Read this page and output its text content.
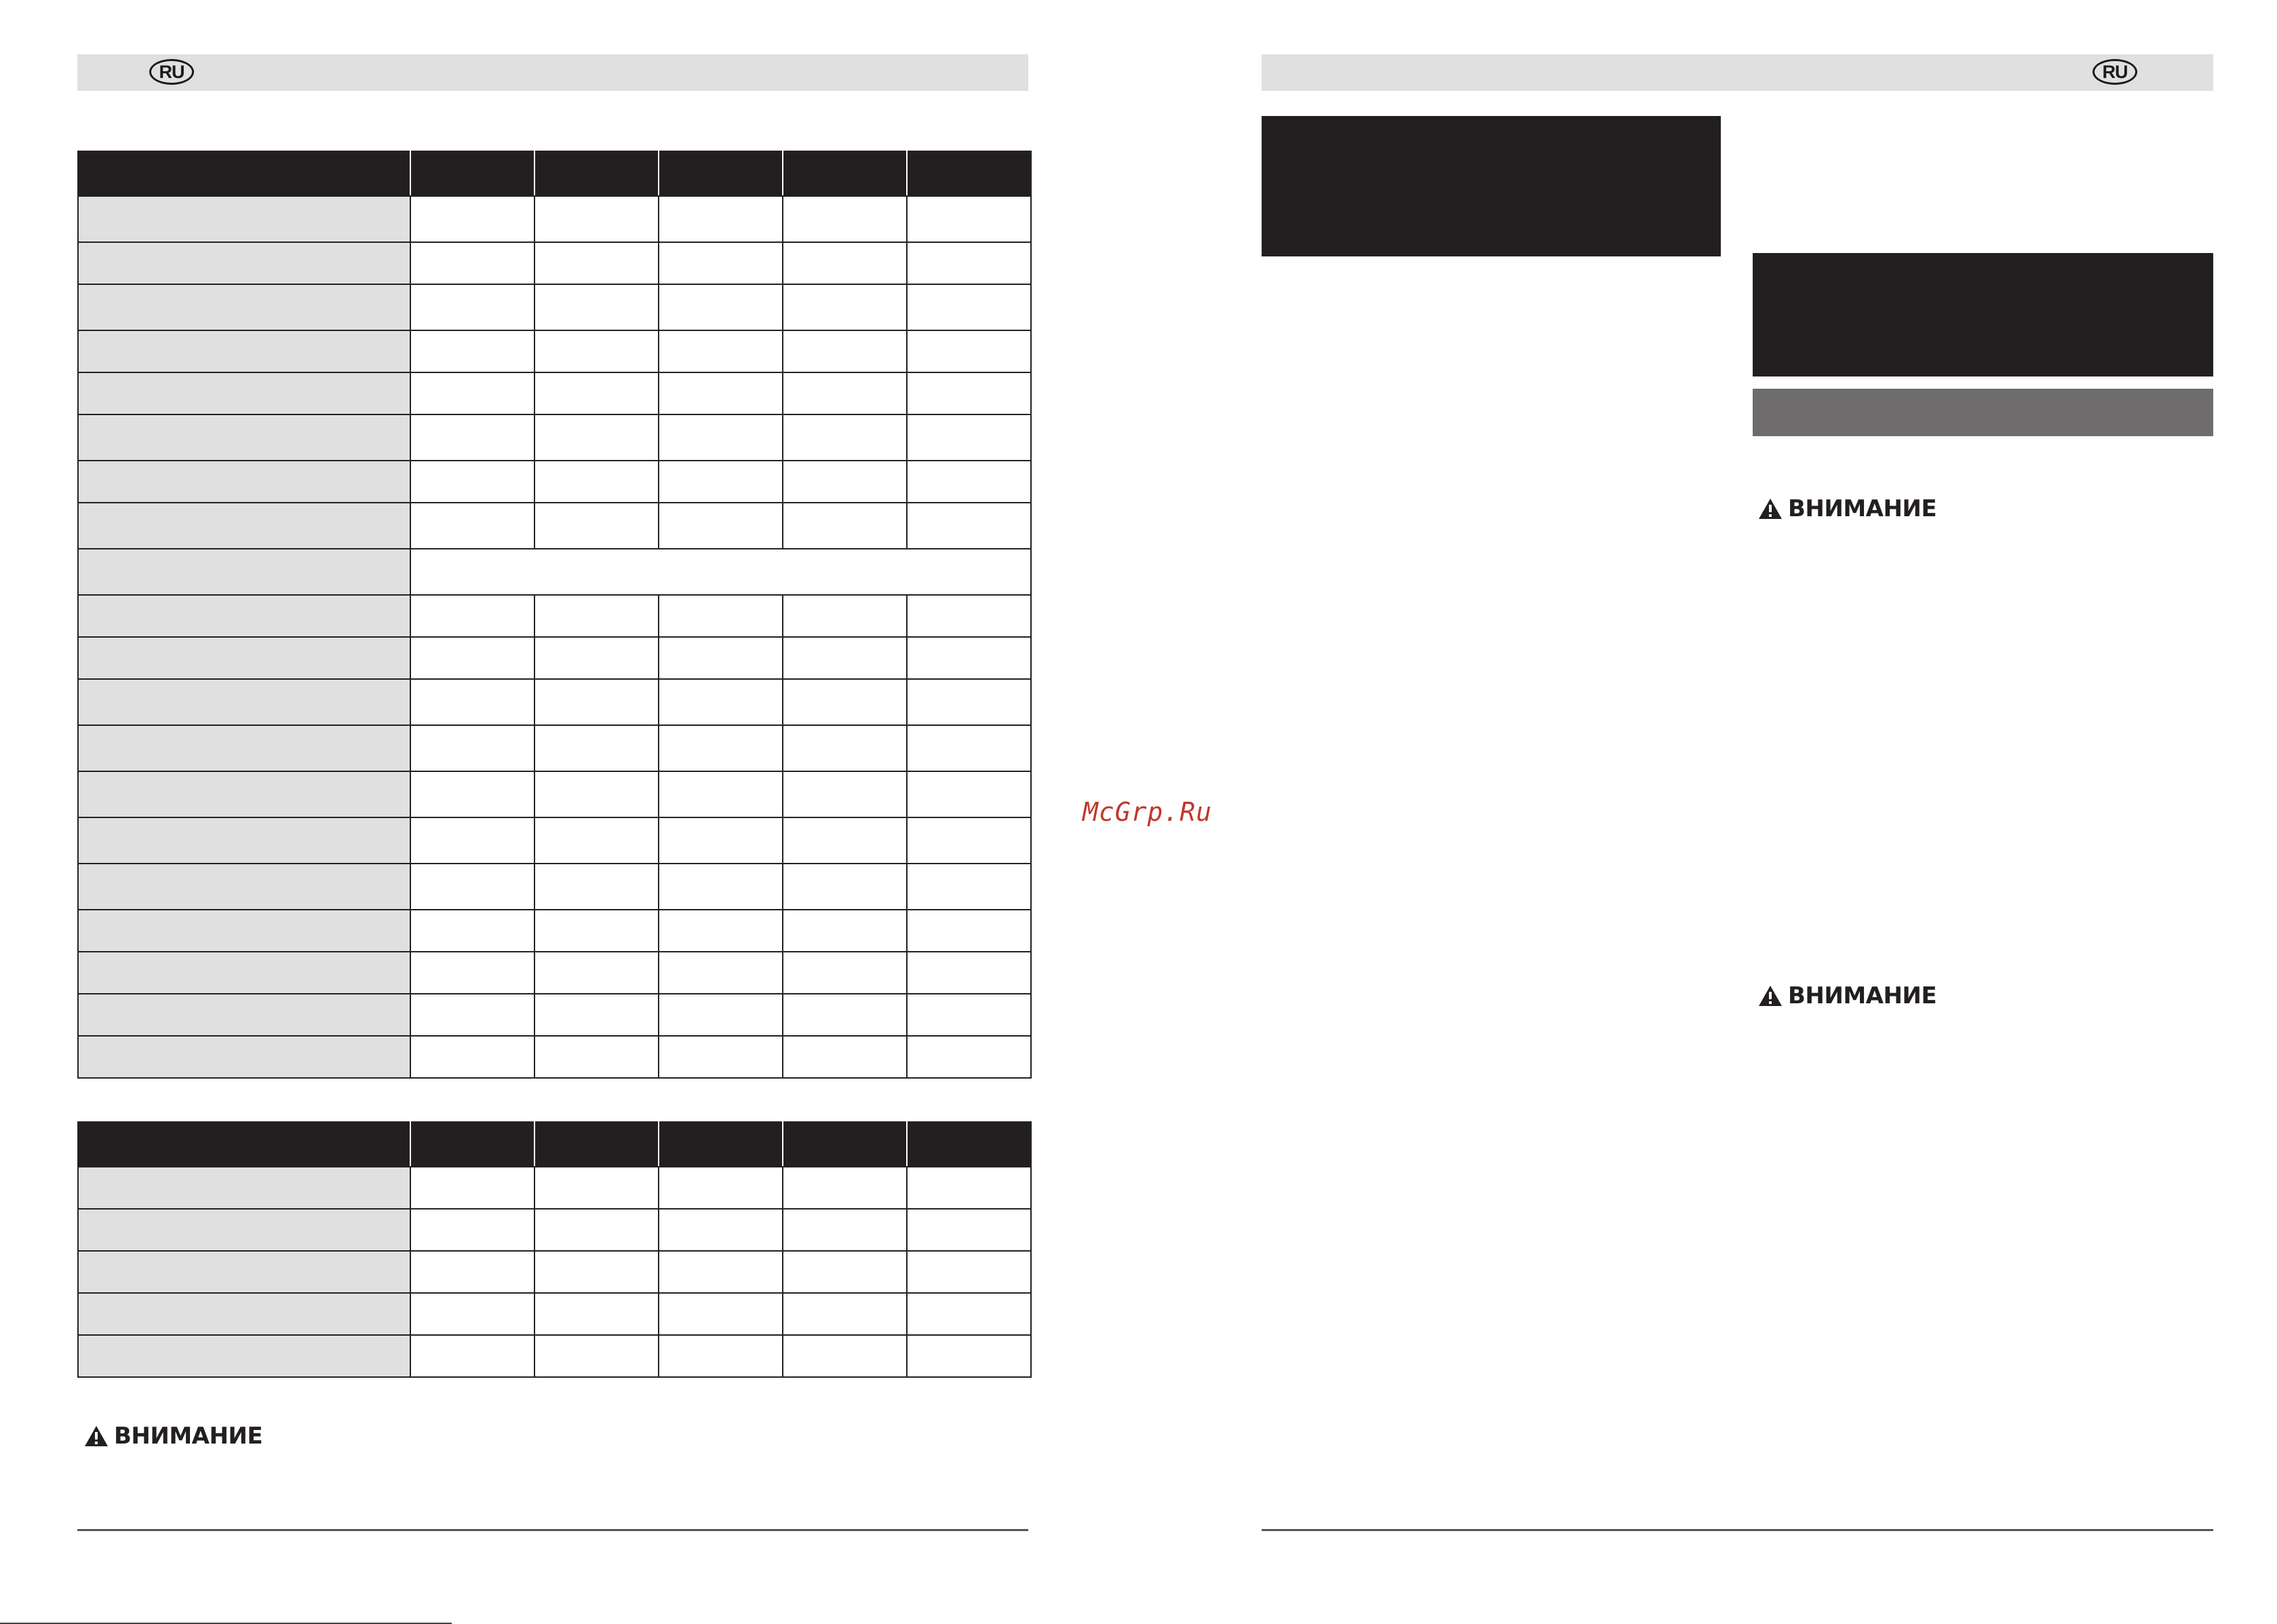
RU

ВНИМАНИЕ
McGrp.Ru
RU
ВНИМАНИЕ
ВНИМАНИЕ
